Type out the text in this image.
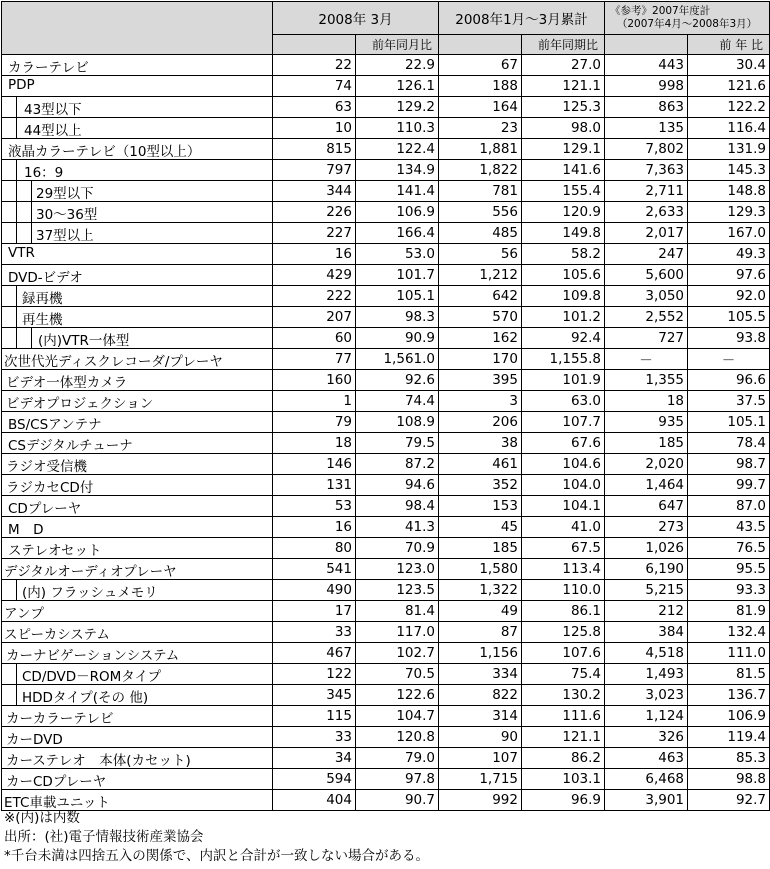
	2008年 3月		2008年1月～3月累計		《参考》2007年度計
（2007年4月～2008年3月）	

		前年同月比		前年同期比		前 年 比

カラーテレビ	22	22.9	67	27.0	443	30.4

PDP	74	126.1	188	121.1	998	121.6

43型以下	63	129.2	164	125.3	863	122.2

44型以上	10	110.3	23	98.0	135	116.4

液晶カラーテレビ（10型以上）	815	122.4	1,881	129.1	7,802	131.9

16：9	797	134.9	1,822	141.6	7,363	145.3

29型以下	344	141.4	781	155.4	2,711	148.8

30～36型	226	106.9	556	120.9	2,633	129.3

37型以上	227	166.4	485	149.8	2,017	167.0

VTR	16	53.0	56	58.2	247	49.3

DVD-ビデオ	429	101.7	1,212	105.6	5,600	97.6

録再機	222	105.1	642	109.8	3,050	92.0

再生機	207	98.3	570	101.2	2,552	105.5

(内)VTR一体型	60	90.9	162	92.4	727	93.8

次世代光ディスクレコーダ/プレーヤ	77	1,561.0	170	1,155.8	－	－

ビデオ一体型カメラ	160	92.6	395	101.9	1,355	96.6

ビデオプロジェクション	1	74.4	3	63.0	18	37.5

BS/CSアンテナ	79	108.9	206	107.7	935	105.1

CSデジタルチューナ	18	79.5	38	67.6	185	78.4

ラジオ受信機	146	87.2	461	104.6	2,020	98.7

ラジカセCD付	131	94.6	352	104.0	1,464	99.7

CDプレーヤ	53	98.4	153	104.1	647	87.0

M　D	16	41.3	45	41.0	273	43.5

ステレオセット	80	70.9	185	67.5	1,026	76.5

デジタルオーディオプレーヤ	541	123.0	1,580	113.4	6,190	95.5

(内) フラッシュメモリ	490	123.5	1,322	110.0	5,215	93.3

アンプ	17	81.4	49	86.1	212	81.9

スピーカシステム	33	117.0	87	125.8	384	132.4

カーナビゲーションシステム	467	102.7	1,156	107.6	4,518	111.0

CD/DVD－ROMタイプ	122	70.5	334	75.4	1,493	81.5

HDDタイプ(その 他)	345	122.6	822	130.2	3,023	136.7

カーカラーテレビ	115	104.7	314	111.6	1,124	106.9

カーDVD	33	120.8	90	121.1	326	119.4

カーステレオ　本体(カセット)	34	79.0	107	86.2	463	85.3

カーCDプレーヤ	594	97.8	1,715	103.1	6,468	98.8

ETC車載ユニット	404	90.7	992	96.9	3,901	92.7
※(内)は内数
出所：(社)電子情報技術産業協会
*千台未満は四捨五入の関係で、内訳と合計が一致しない場合がある。
